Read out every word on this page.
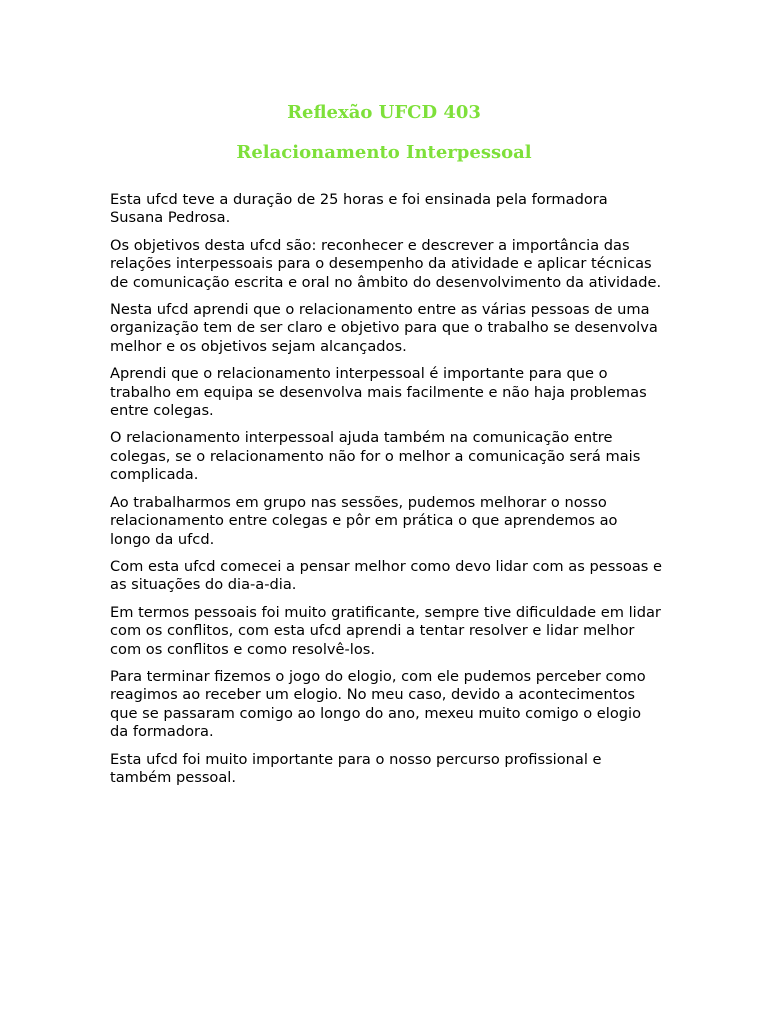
Reflexão UFCD 403
Relacionamento Interpessoal

Esta ufcd teve a duração de 25 horas e foi ensinada pela formadora Susana Pedrosa.

Os objetivos desta ufcd são: reconhecer e descrever a importância das relações interpessoais para o desempenho da atividade e aplicar técnicas de comunicação escrita e oral no âmbito do desenvolvimento da atividade.

Nesta ufcd aprendi que o relacionamento entre as várias pessoas de uma organização tem de ser claro e objetivo para que o trabalho se desenvolva melhor e os objetivos sejam alcançados.

Aprendi que o relacionamento interpessoal é importante para que o trabalho em equipa se desenvolva mais facilmente e não haja problemas entre colegas.

O relacionamento interpessoal ajuda também na comunicação entre colegas, se o relacionamento não for o melhor a comunicação será mais complicada.

Ao trabalharmos em grupo nas sessões, pudemos melhorar o nosso relacionamento entre colegas e pôr em prática o que aprendemos ao longo da ufcd.

Com esta ufcd comecei a pensar melhor como devo lidar com as pessoas e as situações do dia-a-dia.

Em termos pessoais foi muito gratificante, sempre tive dificuldade em lidar com os conflitos, com esta ufcd aprendi a tentar resolver e lidar melhor com os conflitos e como resolvê-los.

Para terminar fizemos o jogo do elogio, com ele pudemos perceber como reagimos ao receber um elogio. No meu caso, devido a acontecimentos que se passaram comigo ao longo do ano, mexeu muito comigo o elogio da formadora.

Esta ufcd foi muito importante para o nosso percurso profissional e também pessoal.
